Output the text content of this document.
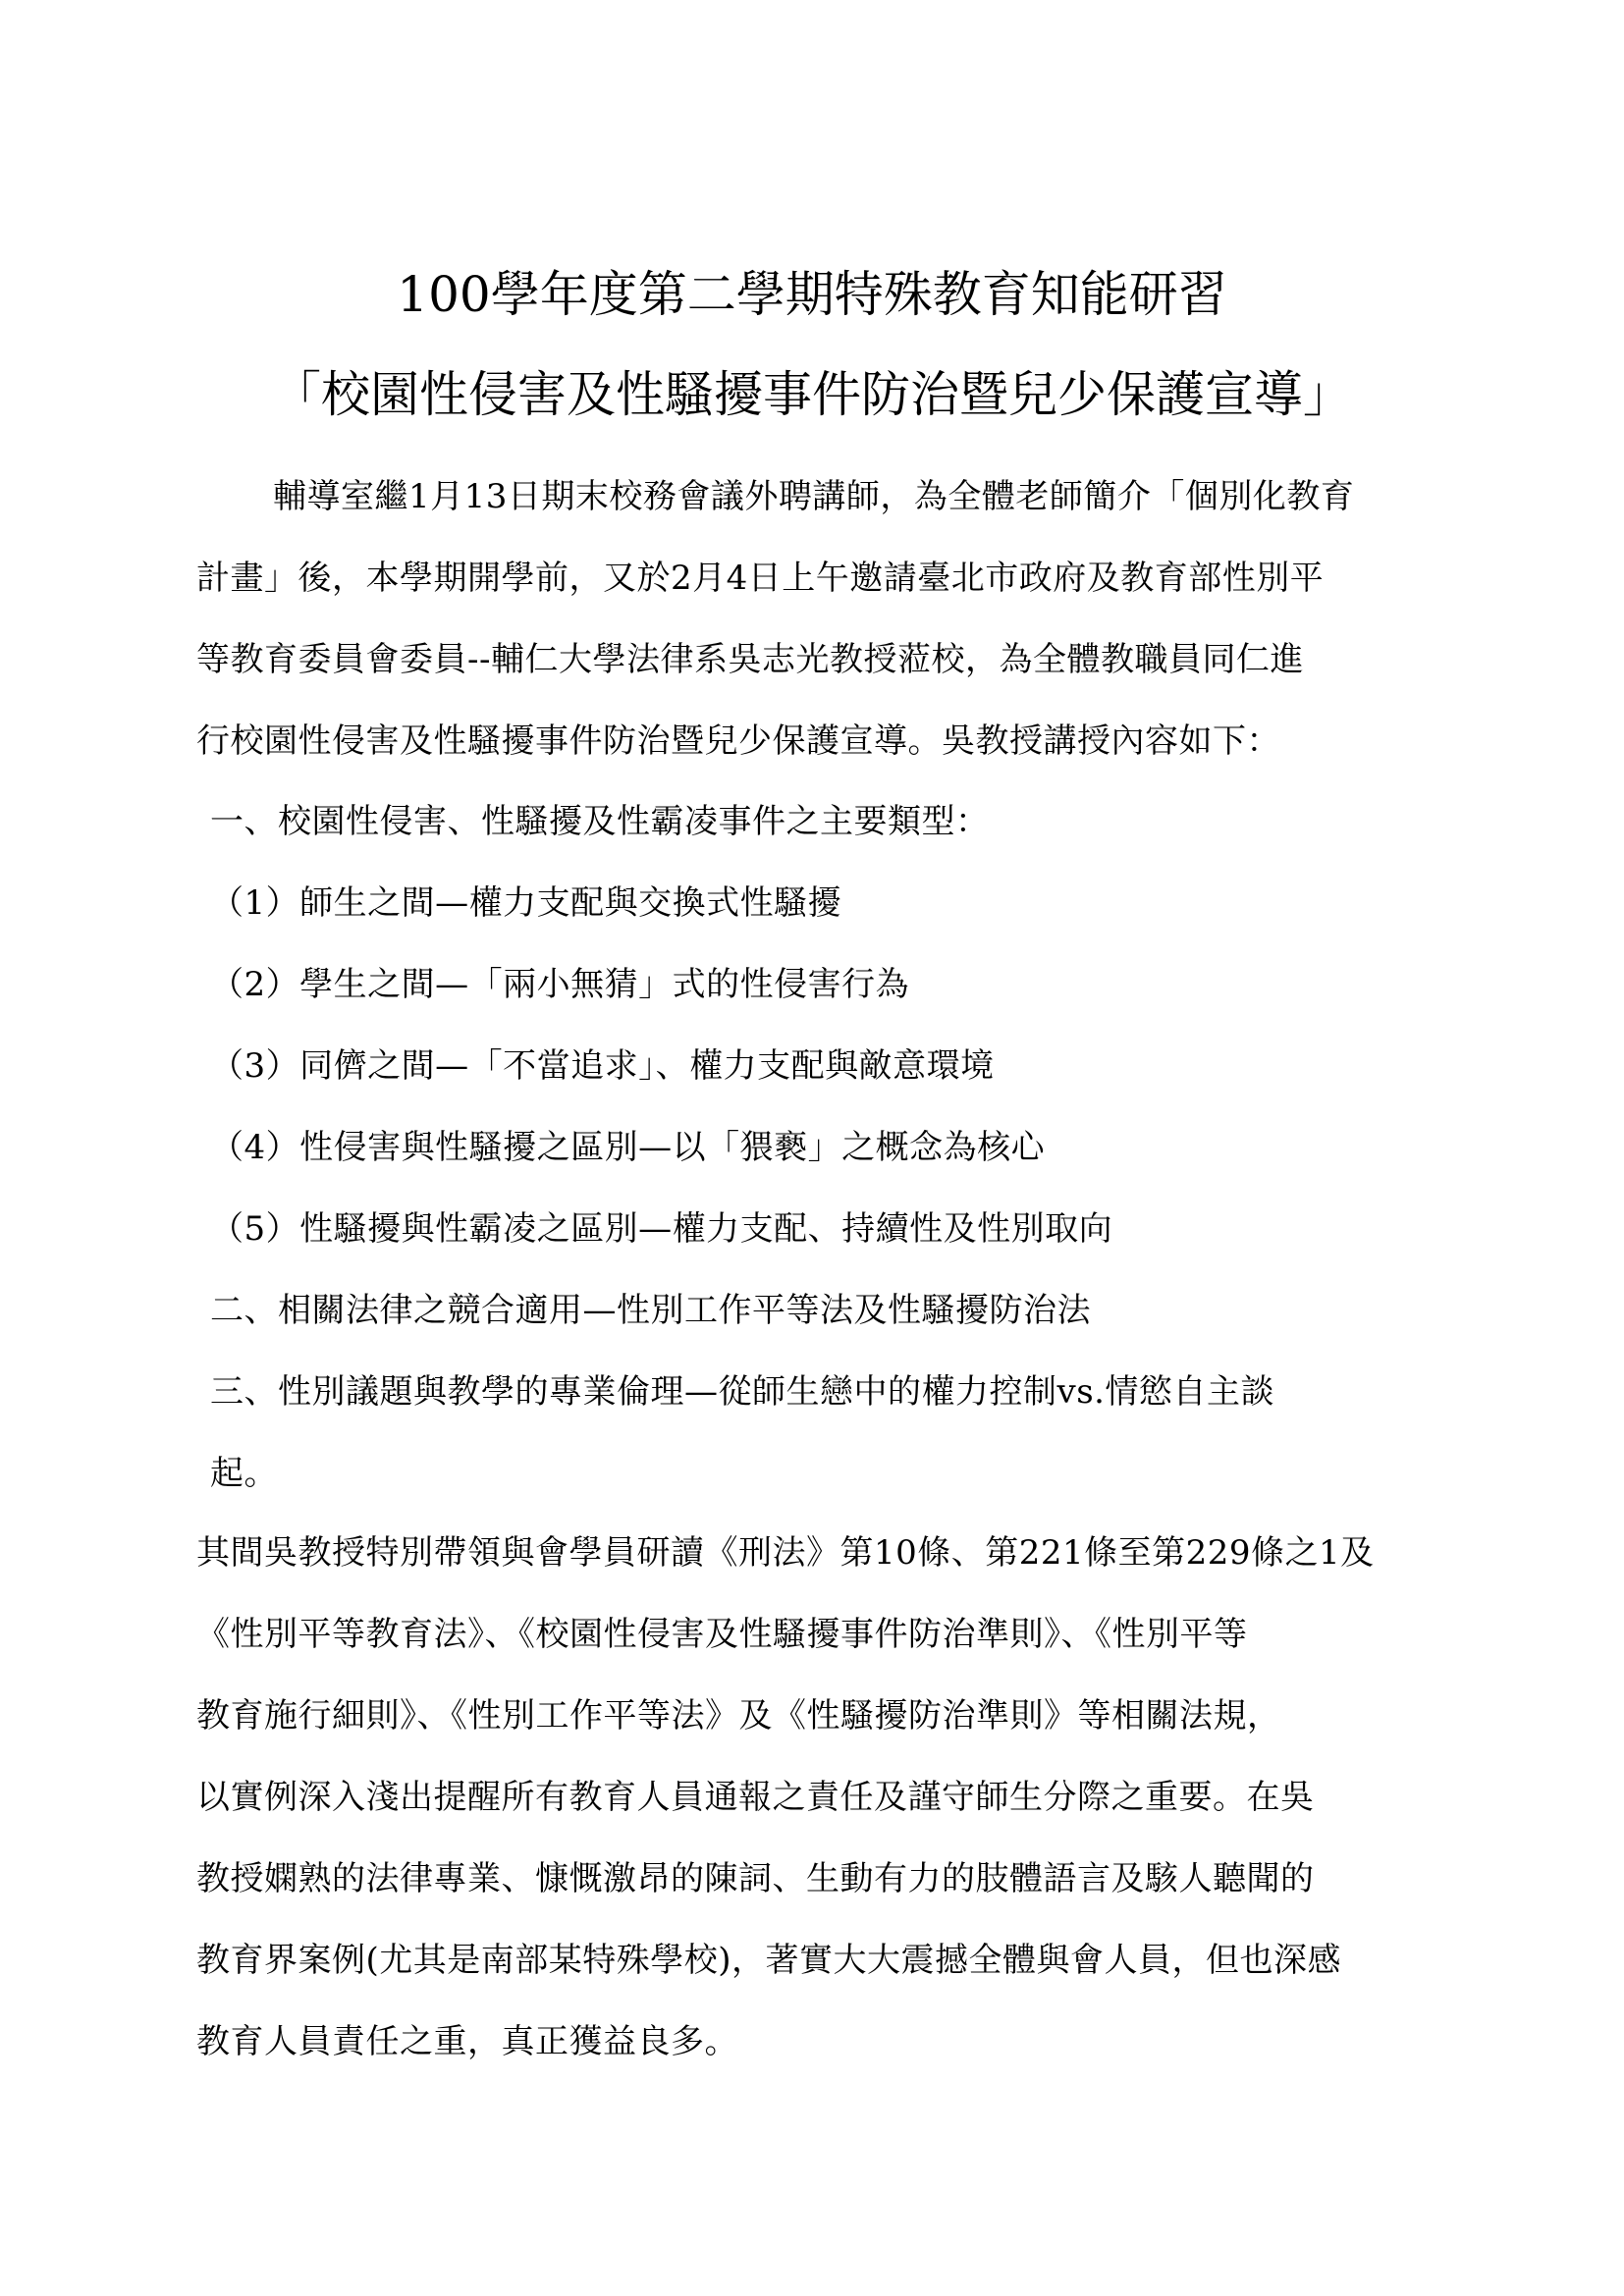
100學年度第二學期特殊教育知能研習
「校園性侵害及性騷擾事件防治暨兒少保護宣導」
輔導室繼1月13日期末校務會議外聘講師，為全體老師簡介「個別化教育
計畫」後，本學期開學前，又於2月4日上午邀請臺北市政府及教育部性別平
等教育委員會委員--輔仁大學法律系吳志光教授蒞校，為全體教職員同仁進
行校園性侵害及性騷擾事件防治暨兒少保護宣導。吳教授講授內容如下：
一、校園性侵害、性騷擾及性霸凌事件之主要類型：
（1）師生之間—權力支配與交換式性騷擾
（2）學生之間—「兩小無猜」式的性侵害行為
（3）同儕之間—「不當追求」、權力支配與敵意環境
（4）性侵害與性騷擾之區別—以「猥褻」之概念為核心
（5）性騷擾與性霸凌之區別—權力支配、持續性及性別取向
二、相關法律之競合適用—性別工作平等法及性騷擾防治法
三、性別議題與教學的專業倫理—從師生戀中的權力控制vs.情慾自主談
起。
其間吳教授特別帶領與會學員研讀《刑法》第10條、第221條至第229條之1及
《性別平等教育法》、《校園性侵害及性騷擾事件防治準則》、《性別平等
教育施行細則》、《性別工作平等法》及《性騷擾防治準則》等相關法規，
以實例深入淺出提醒所有教育人員通報之責任及謹守師生分際之重要。在吳
教授嫻熟的法律專業、慷慨激昂的陳詞、生動有力的肢體語言及駭人聽聞的
教育界案例(尤其是南部某特殊學校)，著實大大震撼全體與會人員，但也深感
教育人員責任之重，真正獲益良多。
